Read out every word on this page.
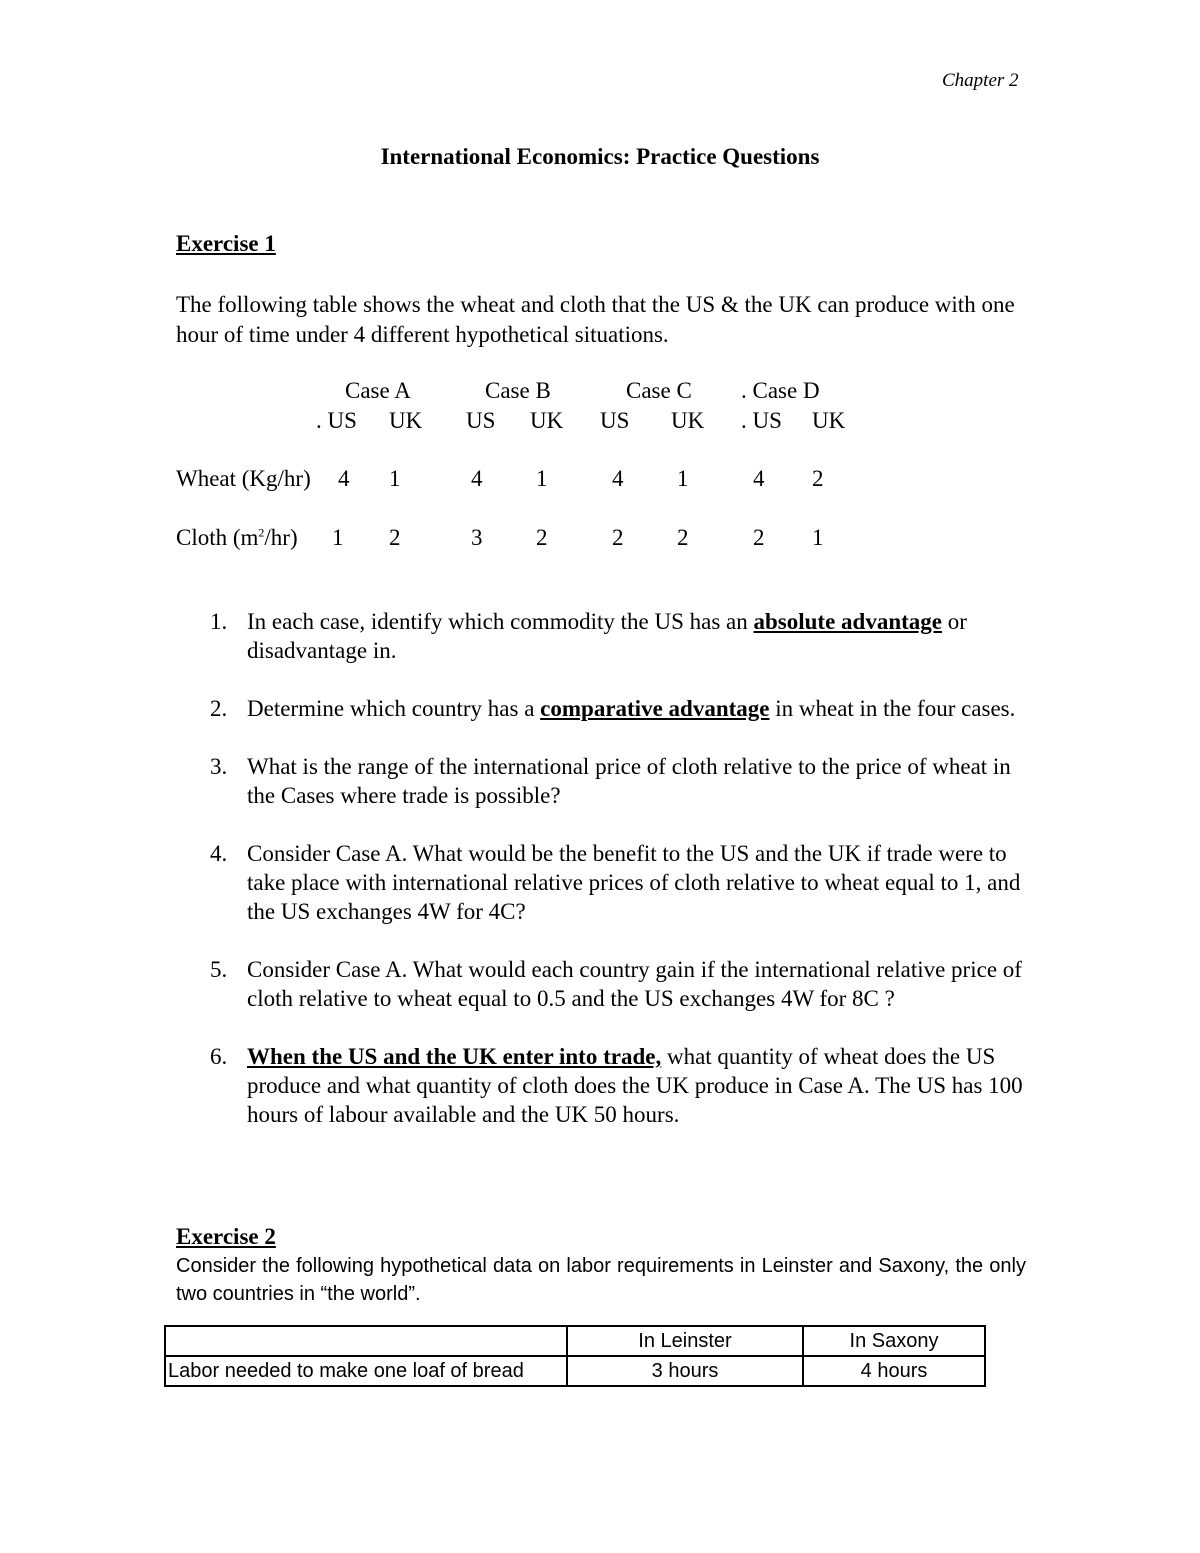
Chapter 2
International Economics: Practice Questions
Exercise 1
The following table shows the wheat and cloth that the US & the UK can produce with one hour of time under 4 different hypothetical situations.
Case A	Case B	Case C . Case D
. US UK US UK US UK . US UK
Wheat (Kg/hr) 4 1	4 1	4 1	4 2
Cloth $(m^2/hr)$ 1 2	3 2	2 2	2 1
1. In each case, identify which commodity the US has an absolute advantage or disadvantage in.
2. Determine which country has a comparative advantage in wheat in the four cases.
3. What is the range of the international price of cloth relative to the price of wheat in the Cases where trade is possible?
4. Consider Case A. What would be the benefit to the US and the UK if trade were to take place with international relative prices of cloth relative to wheat equal to 1, and the US exchanges 4W for 4C?
5. Consider Case A. What would each country gain if the international relative price of cloth relative to wheat equal to 0.5 and the US exchanges 4W for 8C ?
6. When the US and the UK enter into trade, what quantity of wheat does the US produce and what quantity of cloth does the UK produce in Case A. The US has 100 hours of labour available and the UK 50 hours.
Exercise 2
Consider the following hypothetical data on labor requirements in Leinster and Saxony, the only two countries in “the world”.
	In Leinster	In Saxony
Labor needed to make one loaf of bread	3 hours	4 hours
